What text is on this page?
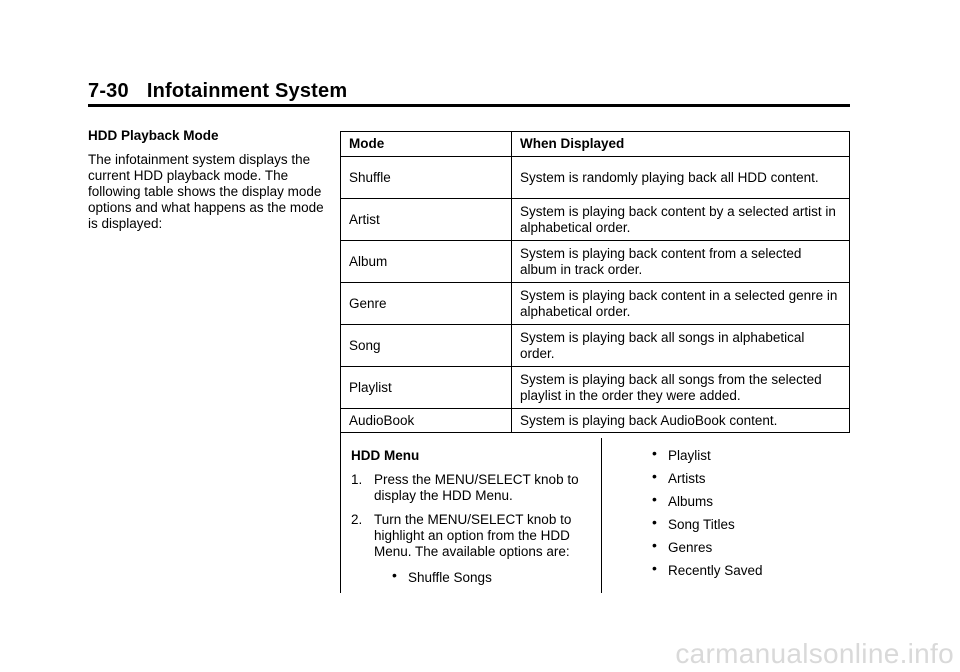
7-30 Infotainment System
HDD Playback Mode
The infotainment system displays the current HDD playback mode. The following table shows the display mode options and what happens as the mode is displayed:
Mode	When Displayed
Shuffle	System is randomly playing back all HDD content.
Artist	System is playing back content by a selected artist in alphabetical order.
Album	System is playing back content from a selected album in track order.
Genre	System is playing back content in a selected genre in alphabetical order.
Song	System is playing back all songs in alphabetical order.
Playlist	System is playing back all songs from the selected playlist in the order they were added.
AudioBook	System is playing back AudioBook content.
HDD Menu
1. Press the MENU/SELECT knob to display the HDD Menu.
2. Turn the MENU/SELECT knob to highlight an option from the HDD Menu. The available options are:
• Shuffle Songs
• Playlist
• Artists
• Albums
• Song Titles
• Genres
• Recently Saved
carmanualsonline.info
